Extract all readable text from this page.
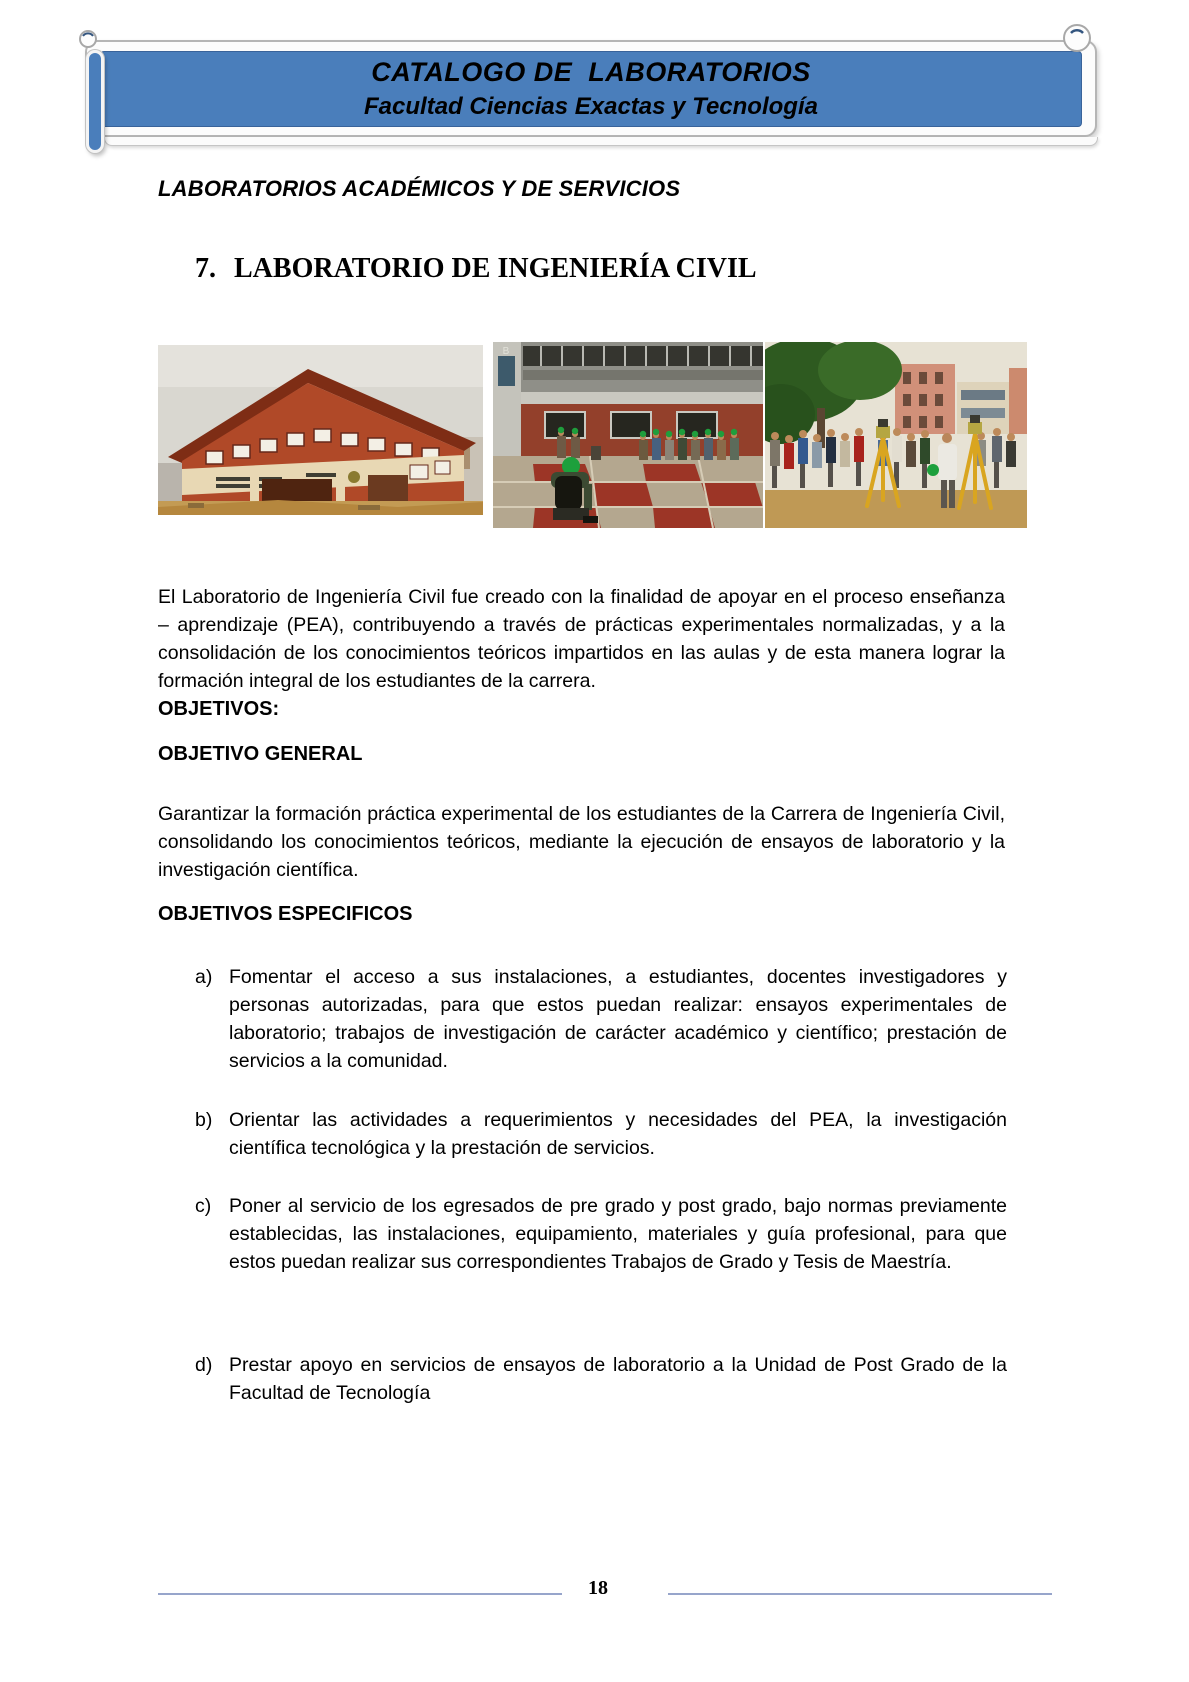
CATALOGO DE  LABORATORIOS
Facultad Ciencias Exactas y Tecnología
LABORATORIOS ACADÉMICOS Y DE SERVICIOS
7. LABORATORIO DE INGENIERÍA CIVIL
B

El Laboratorio de Ingeniería Civil fue creado con la finalidad de apoyar en el proceso enseñanza – aprendizaje (PEA), contribuyendo a través de prácticas experimentales normalizadas, y a la consolidación de los conocimientos teóricos impartidos en las aulas y de esta manera lograr la formación integral de los estudiantes de la carrera.

OBJETIVOS:
OBJETIVO GENERAL

Garantizar la formación práctica experimental de los estudiantes de la Carrera de Ingeniería Civil, consolidando los conocimientos teóricos, mediante la ejecución de ensayos de laboratorio y la investigación científica.

OBJETIVOS ESPECIFICOS
a) Fomentar el acceso a sus instalaciones, a estudiantes, docentes investigadores y personas autorizadas, para que estos puedan realizar: ensayos experimentales de laboratorio; trabajos de investigación de carácter académico y científico; prestación de servicios a la comunidad.
b) Orientar las actividades a requerimientos y necesidades del PEA, la investigación científica tecnológica y la prestación de servicios.
c) Poner al servicio de los egresados de pre grado y post grado, bajo normas previamente establecidas, las instalaciones, equipamiento, materiales y guía profesional, para que estos puedan realizar sus correspondientes Trabajos de Grado y Tesis de Maestría.
d) Prestar apoyo en servicios de ensayos de laboratorio a la Unidad de Post Grado de la Facultad de Tecnología
18
